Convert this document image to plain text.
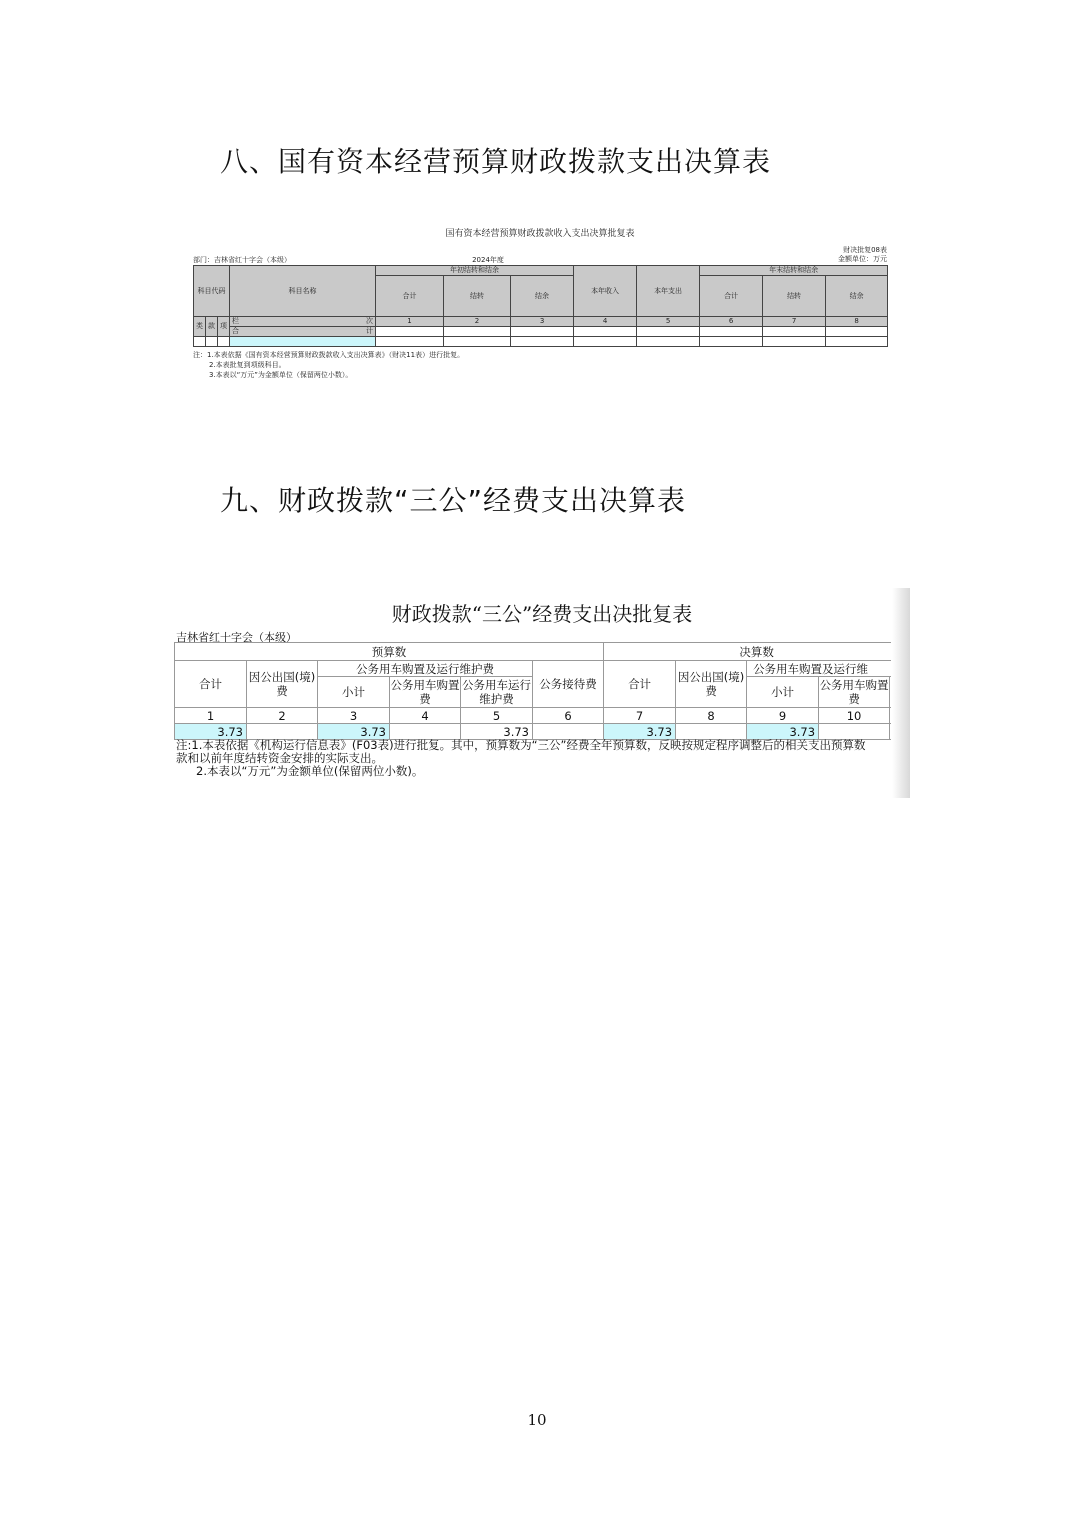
八、国有资本经营预算财政拨款支出决算表
国有资本经营预算财政拨款收入支出决算批复表
财决批复08表
金额单位：万元
部门：吉林省红十字会（本级）	2024年度
科目代码			科目名称	年初结转和结余			本年收入	本年支出	年末结转和结余		
				合计	结转	结余			合计	结转	结余
类	款	项	栏 次	1	2	3	4	5	6	7	8

			合 计								

注：1.本表依据《国有资本经营预算财政拨款收入支出决算表》（财决11表）进行批复。
2.本表批复到项级科目。
3.本表以“万元”为金额单位（保留两位小数）。
九、财政拨款“三公”经费支出决算表
财政拨款“三公”经费支出决批复表
吉林省红十字会（本级）
预算数						决算数				
合计	因公出国(境)费	公务用车购置及运行维护费			公务接待费	合计	因公出国(境)费	公务用车购置及运行维		
		小计	公务用车购置费	公务用车运行维护费				小计	公务用车购置费	
1	2	3	4	5	6	7	8	9	10	
3.73		3.73		3.73		3.73		3.73		
注:1.本表依据《机构运行信息表》(F03表)进行批复。其中，预算数为“三公”经费全年预算数，反映按规定程序调整后的相关支出预算数
款和以前年度结转资金安排的实际支出。
2.本表以“万元”为金额单位(保留两位小数)。
10
